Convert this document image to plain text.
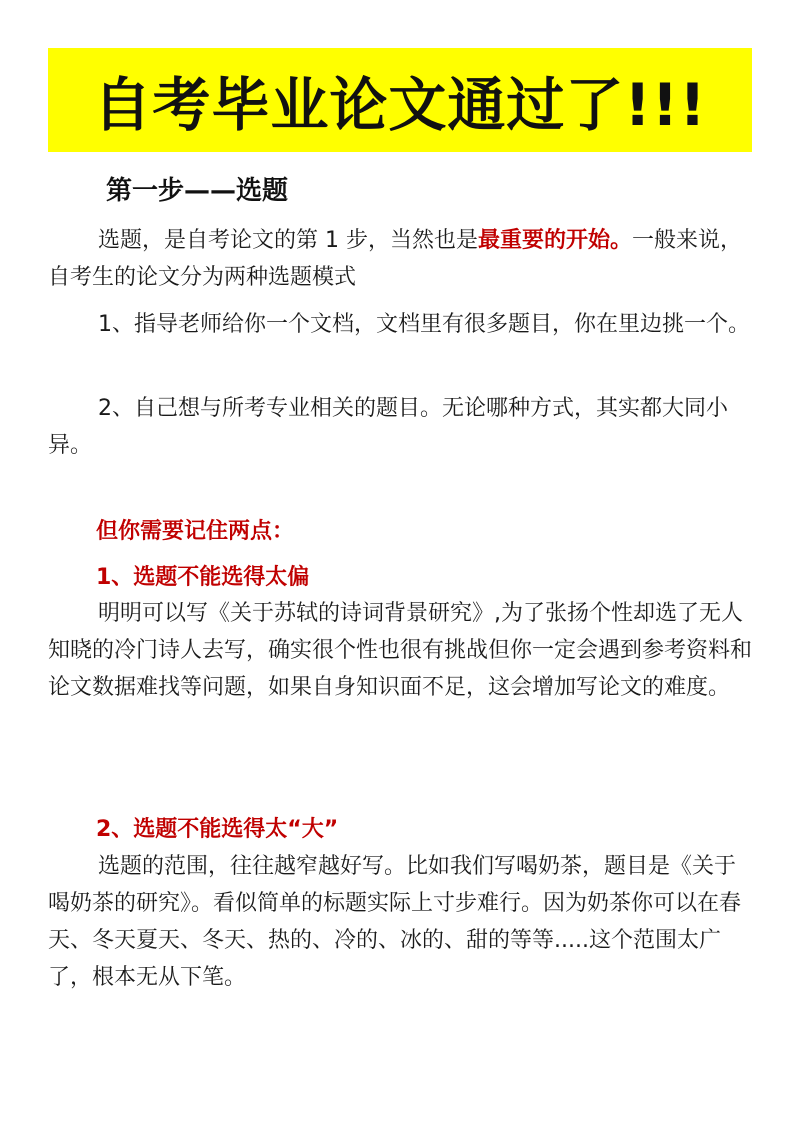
自考毕业论文通过了!!!
第一步——选题

选题，是自考论文的第 1 步，当然也是最重要的开始。一般来说，自考生的论文分为两种选题模式

1、指导老师给你一个文档，文档里有很多题目，你在里边挑一个。

2、自己想与所考专业相关的题目。无论哪种方式，其实都大同小异。

但你需要记住两点：
1、选题不能选得太偏

明明可以写《关于苏轼的诗词背景研究》,为了张扬个性却选了无人知晓的冷门诗人去写，确实很个性也很有挑战但你一定会遇到参考资料和论文数据难找等问题，如果自身知识面不足，这会增加写论文的难度。

2、选题不能选得太“大”

选题的范围，往往越窄越好写。比如我们写喝奶茶，题目是《关于喝奶茶的研究》。看似简单的标题实际上寸步难行。因为奶茶你可以在春天、冬天夏天、冬天、热的、冷的、冰的、甜的等等.....这个范围太广了，根本无从下笔。
